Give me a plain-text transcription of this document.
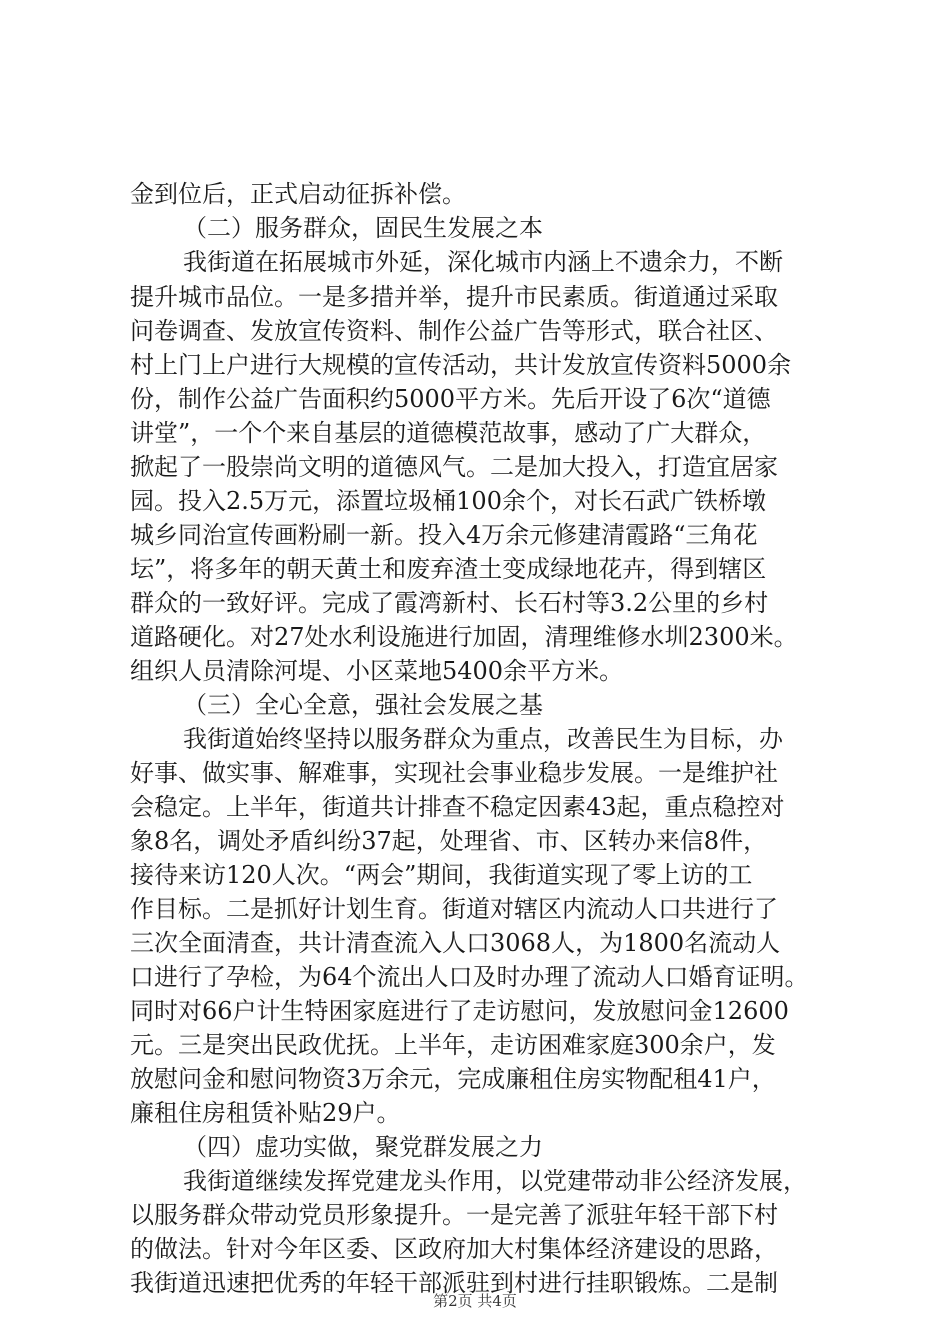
金到位后，正式启动征拆补偿。
（二）服务群众，固民生发展之本
我街道在拓展城市外延，深化城市内涵上不遗余力，不断
提升城市品位。一是多措并举，提升市民素质。街道通过采取
问卷调查、发放宣传资料、制作公益广告等形式，联合社区、
村上门上户进行大规模的宣传活动，共计发放宣传资料5000余
份，制作公益广告面积约5000平方米。先后开设了6次“道德
讲堂”，一个个来自基层的道德模范故事，感动了广大群众，
掀起了一股崇尚文明的道德风气。二是加大投入，打造宜居家
园。投入2.5万元，添置垃圾桶100余个，对长石武广铁桥墩
城乡同治宣传画粉刷一新。投入4万余元修建清霞路“三角花
坛”，将多年的朝天黄土和废弃渣土变成绿地花卉，得到辖区
群众的一致好评。完成了霞湾新村、长石村等3.2公里的乡村
道路硬化。对27处水利设施进行加固，清理维修水圳2300米。
组织人员清除河堤、小区菜地5400余平方米。
（三）全心全意，强社会发展之基
我街道始终坚持以服务群众为重点，改善民生为目标，办
好事、做实事、解难事，实现社会事业稳步发展。一是维护社
会稳定。上半年，街道共计排查不稳定因素43起，重点稳控对
象8名，调处矛盾纠纷37起，处理省、市、区转办来信8件，
接待来访120人次。“两会”期间，我街道实现了零上访的工
作目标。二是抓好计划生育。街道对辖区内流动人口共进行了
三次全面清查，共计清查流入人口3068人，为1800名流动人
口进行了孕检，为64个流出人口及时办理了流动人口婚育证明。
同时对66户计生特困家庭进行了走访慰问，发放慰问金12600
元。三是突出民政优抚。上半年，走访困难家庭300余户，发
放慰问金和慰问物资3万余元，完成廉租住房实物配租41户，
廉租住房租赁补贴29户。
（四）虚功实做，聚党群发展之力
我街道继续发挥党建龙头作用，以党建带动非公经济发展，
以服务群众带动党员形象提升。一是完善了派驻年轻干部下村
的做法。针对今年区委、区政府加大村集体经济建设的思路，
我街道迅速把优秀的年轻干部派驻到村进行挂职锻炼。二是制
第2页 共4页
